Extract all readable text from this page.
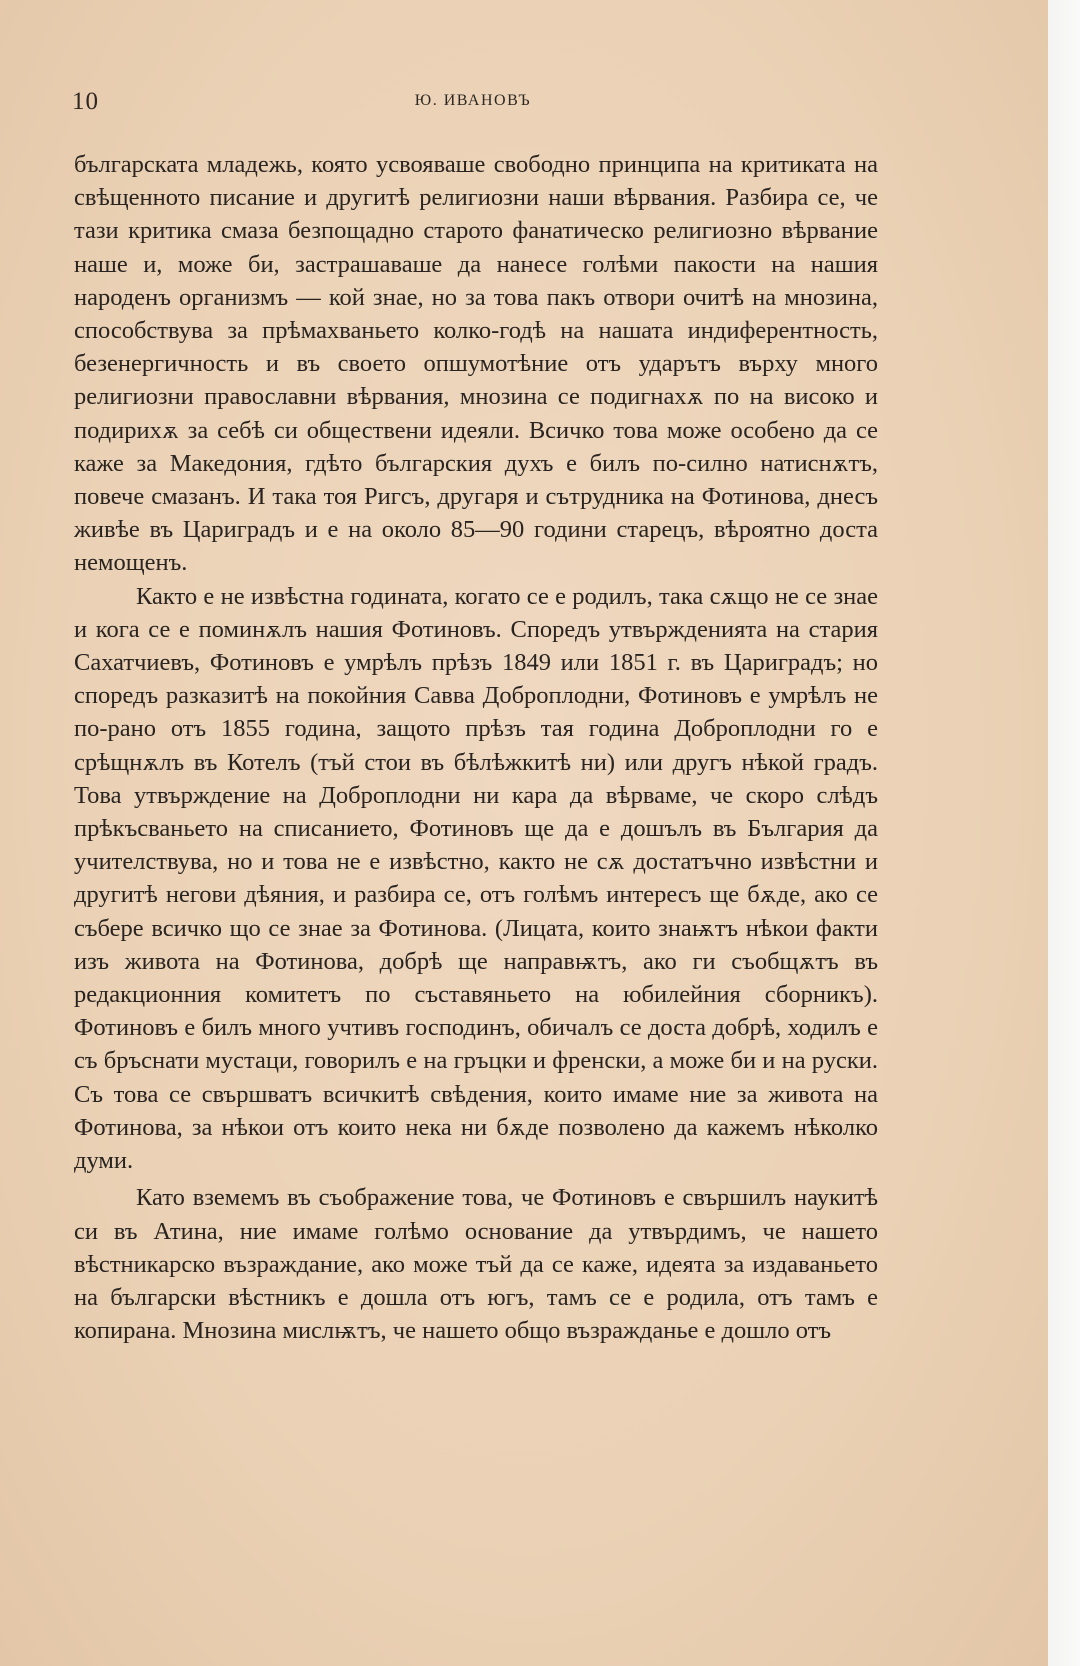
10	Ю. ИВАНОВЪ

българската младежь, която усвояваше свободно принципа на критиката на свѣщенното писание и другитѣ религиозни наши вѣрвания. Разбира се, че тази критика смаза безпощадно старото фанатическо религиозно вѣрвание наше и, може би, застрашаваше да нанесе голѣми пакости на нашия народенъ организмъ — кой знае, но за това пакъ отвори очитѣ на мнозина, способствува за прѣмахваньето колко-годѣ на нашата индиферентность, безенергичность и въ своето опшумотѣние отъ ударътъ върху много религиозни православни вѣрвания, мнозина се подигнахѫ по на високо и подирихѫ за себѣ си обществени идеяли. Всичко това може особено да се каже за Македония, гдѣто българския духъ е билъ по-силно натиснѫтъ, повече смазанъ. И така тоя Ригсъ, другаря и сътрудника на Фотинова, днесъ живѣе въ Цариградъ и е на около 85—90 години старецъ, вѣроятно доста немощенъ.

Както е не извѣстна годината, когато се е родилъ, така сѫщо не се знае и кога се е поминѫлъ нашия Фотиновъ. Споредъ утвържденията на стария Сахатчиевъ, Фотиновъ е умрѣлъ прѣзъ 1849 или 1851 г. въ Цариградъ; но споредъ разказитѣ на покойния Савва Доброплодни, Фотиновъ е умрѣлъ не по-рано отъ 1855 година, защото прѣзъ тая година Доброплодни го е срѣщнѫлъ въ Котелъ (тъй стои въ бѣлѣжкитѣ ни) или другъ нѣкой градъ. Това утвърждение на Доброплодни ни кара да вѣрваме, че скоро слѣдъ прѣкъсваньето на списанието, Фотиновъ ще да е дошълъ въ България да учителствува, но и това не е извѣстно, както не сѫ достатъчно извѣстни и другитѣ негови дѣяния, и разбира се, отъ голѣмъ интересъ ще бѫде, ако се събере всичко що се знае за Фотинова. (Лицата, които знаѭтъ нѣкои факти изъ живота на Фотинова, добрѣ ще направѭтъ, ако ги съобщѫтъ въ редакционния комитетъ по съставяньето на юбилейния сборникъ). Фотиновъ е билъ много учтивъ господинъ, обичалъ се доста добрѣ, ходилъ е съ бръснати мустаци, говорилъ е на гръцки и френски, а може би и на руски. Съ това се свършватъ всичкитѣ свѣдения, които имаме ние за живота на Фотинова, за нѣкои отъ които нека ни бѫде позволено да кажемъ нѣколко думи.

Като вземемъ въ съображение това, че Фотиновъ е свършилъ наукитѣ си въ Атина, ние имаме голѣмо основание да утвърдимъ, че нашето вѣстникарско възраждание, ако може тъй да се каже, идеята за издаваньето на български вѣстникъ е дошла отъ югъ, тамъ се е родила, отъ тамъ е копирана. Мнозина мислѭтъ, че нашето общо възражданье е дошло отъ
